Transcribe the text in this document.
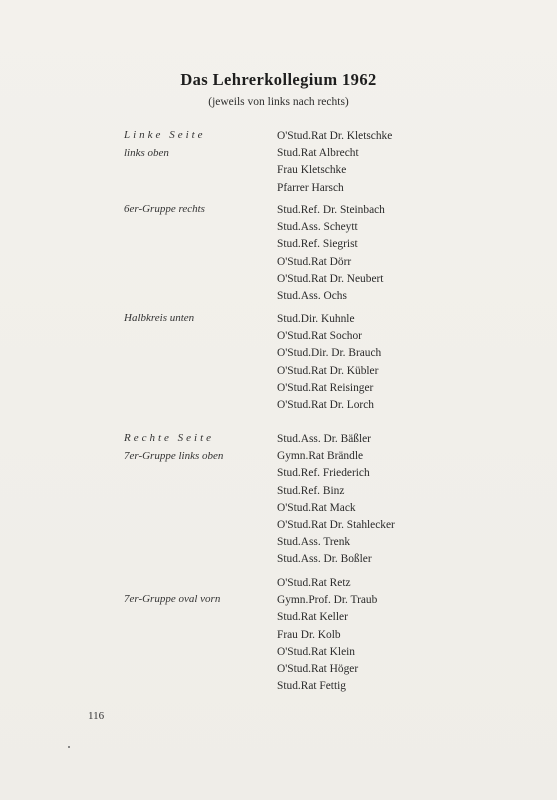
Das Lehrerkollegium 1962
(jeweils von links nach rechts)
Linke Seite
links oben
O'Stud.Rat Dr. Kletschke
Stud.Rat Albrecht
Frau Kletschke
Pfarrer Harsch
6er-Gruppe rechts	Stud.Ref. Dr. Steinbach
Stud.Ass. Scheytt
Stud.Ref. Siegrist
O'Stud.Rat Dörr
O'Stud.Rat Dr. Neubert
Stud.Ass. Ochs
Halbkreis unten	Stud.Dir. Kuhnle
O'Stud.Rat Sochor
O'Stud.Dir. Dr. Brauch
O'Stud.Rat Dr. Kübler
O'Stud.Rat Reisinger
O'Stud.Rat Dr. Lorch
Rechte Seite
7er-Gruppe links oben
Stud.Ass. Dr. Bäßler
Gymn.Rat Brändle
Stud.Ref. Friederich
Stud.Ref. Binz
O'Stud.Rat Mack
O'Stud.Rat Dr. Stahlecker
Stud.Ass. Trenk
Stud.Ass. Dr. Boßler
7er-Gruppe oval vorn
O'Stud.Rat Retz
Gymn.Prof. Dr. Traub
Stud.Rat Keller
Frau Dr. Kolb
O'Stud.Rat Klein
O'Stud.Rat Höger
Stud.Rat Fettig
116
